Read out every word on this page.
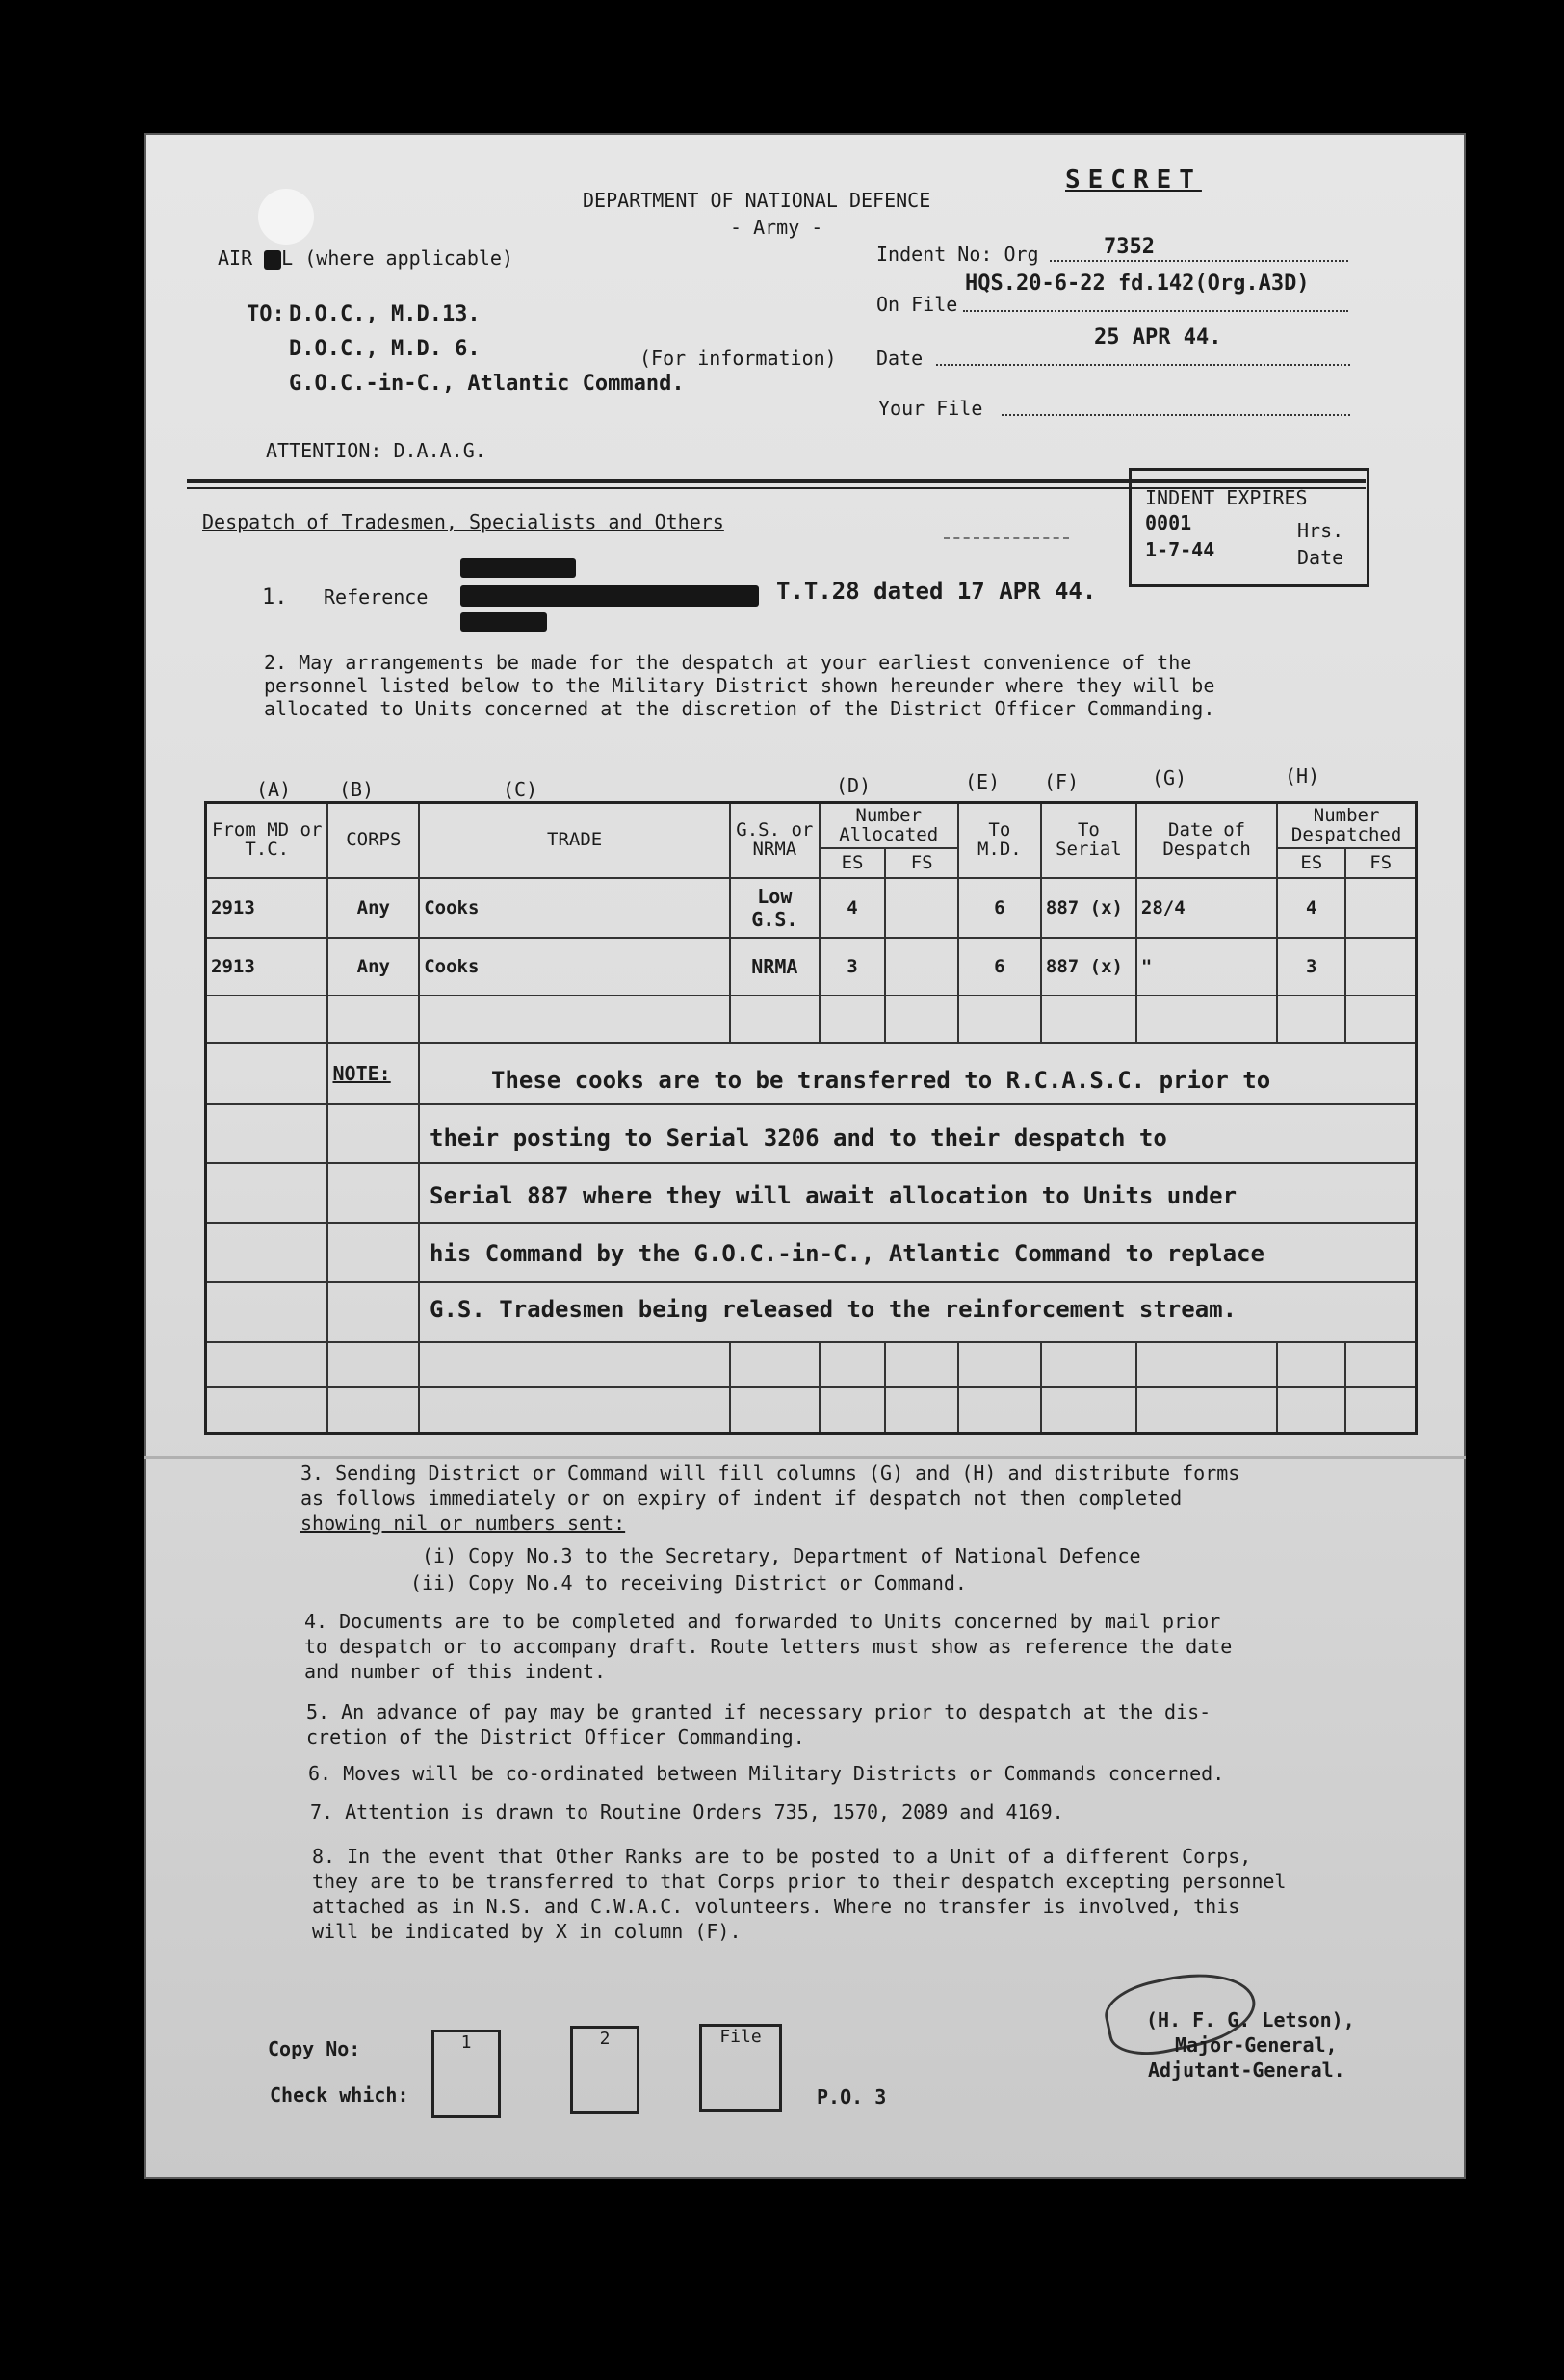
SECRET
DEPARTMENT OF NATIONAL DEFENCE
- Army -
AIR L (where applicable)	Indent No: Org	7352
On File
HQS.20-6-22 fd.142(Org.A3D)
Date
25 APR 44.
Your File
TO: D.O.C., M.D.13.
D.O.C., M.D. 6.
G.O.C.-in-C., Atlantic Command.
(For information)
ATTENTION: D.A.A.G.
INDENT EXPIRES
0001	Hrs.
1-7-44	Date
Despatch of Tradesmen, Specialists and Others
1. Reference	T.T.28 dated 17 APR 44.
2. May arrangements be made for the despatch at your earliest convenience of the
personnel listed below to the Military District shown hereunder where they will be
allocated to Units concerned at the discretion of the District Officer Commanding.
(A) (B)	(C)	(D)	(E) (F)	(G)	(H)
From MD or T.C.	CORPS	TRADE	G.S. or NRMA	Number Allocated		To M.D.	To Serial	Date of Despatch	Number Despatched	
				ES	FS				ES	FS
2913	Any	Cooks	Low G.S.	4		6	887 (x)	28/4	4	
2913	Any	Cooks	NRMA	3		6	887 (x)	"	3	

	NOTE:									

											These cooks are to be transferred to R.C.A.S.C. prior to
their posting to Serial 3206 and to their despatch to
Serial 887 where they will await allocation to Units under
his Command by the G.O.C.-in-C., Atlantic Command to replace
G.S. Tradesmen being released to the reinforcement stream.
3. Sending District or Command will fill columns (G) and (H) and distribute forms
as follows immediately or on expiry of indent if despatch not then completed
showing nil or numbers sent:
(i) Copy No.3 to the Secretary, Department of National Defence
(ii) Copy No.4 to receiving District or Command.
4. Documents are to be completed and forwarded to Units concerned by mail prior
to despatch or to accompany draft. Route letters must show as reference the date
and number of this indent.
5. An advance of pay may be granted if necessary prior to despatch at the dis-
cretion of the District Officer Commanding.
6. Moves will be co-ordinated between Military Districts or Commands concerned.
7. Attention is drawn to Routine Orders 735, 1570, 2089 and 4169.
8. In the event that Other Ranks are to be posted to a Unit of a different Corps,
they are to be transferred to that Corps prior to their despatch excepting personnel
attached as in N.S. and C.W.A.C. volunteers. Where no transfer is involved, this
will be indicated by X in column (F).
Copy No:
Check which:
1	2	File
P.O. 3
(H. F. G. Letson),
Major-General,
Adjutant-General.
